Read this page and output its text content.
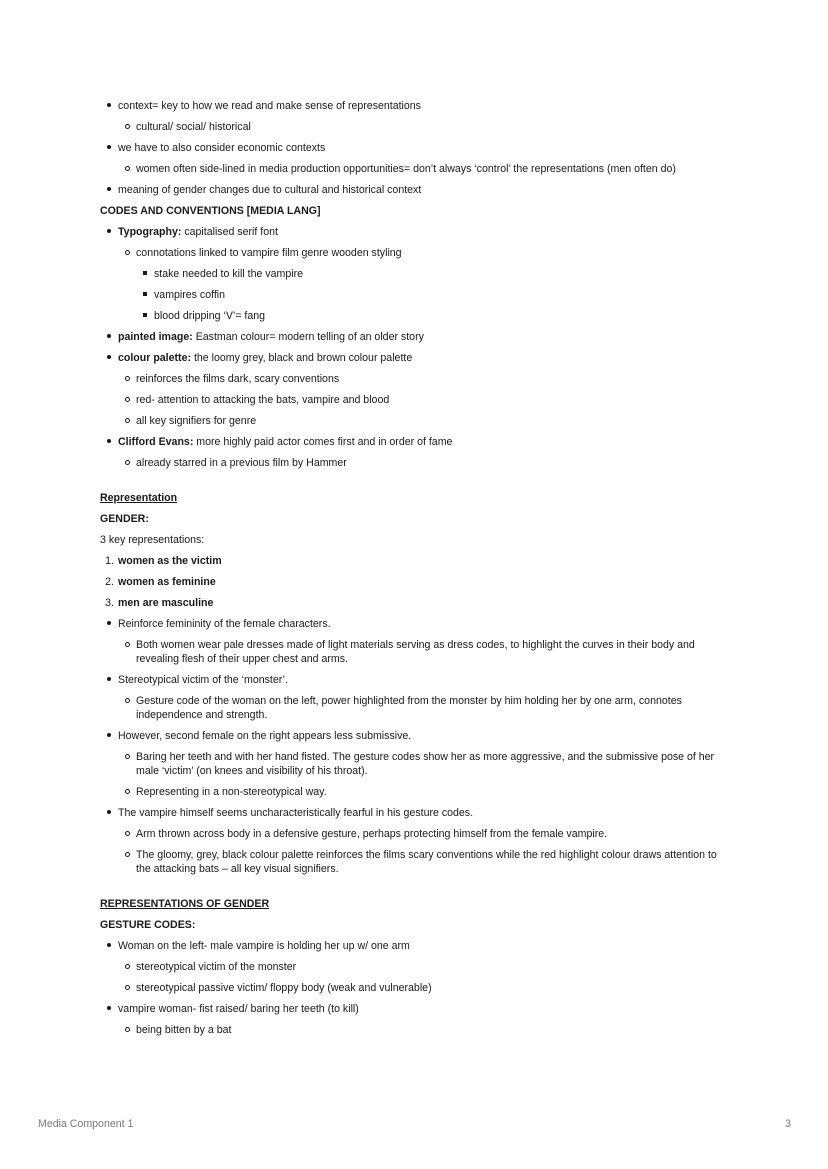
context= key to how we read and make sense of representations
cultural/ social/ historical
we have to also consider economic contexts
women often side-lined in media production opportunities= don’t always ‘control’ the representations (men often do)
meaning of gender changes due to cultural and historical context
CODES AND CONVENTIONS [MEDIA LANG]
Typography: capitalised serif font
connotations linked to vampire film genre wooden styling
stake needed to kill the vampire
vampires coffin
blood dripping ‘V’= fang
painted image: Eastman colour= modern telling of an older story
colour palette: the loomy grey, black and brown colour palette
reinforces the films dark, scary conventions
red- attention to attacking the bats, vampire and blood
all key signifiers for genre
Clifford Evans: more highly paid actor comes first and in order of fame
already starred in a previous film by Hammer
Representation
GENDER:
3 key representations:
1. women as the victim
2. women as feminine
3. men are masculine
Reinforce femininity of the female characters.
Both women wear pale dresses made of light materials serving as dress codes, to highlight the curves in their body and
revealing flesh of their upper chest and arms.
Stereotypical victim of the ‘monster’.
Gesture code of the woman on the left, power highlighted from the monster by him holding her by one arm, connotes
independence and strength.
However, second female on the right appears less submissive.
Baring her teeth and with her hand fisted. The gesture codes show her as more aggressive, and the submissive pose of her
male ‘victim’ (on knees and visibility of his throat).
Representing in a non-stereotypical way.
The vampire himself seems uncharacteristically fearful in his gesture codes.
Arm thrown across body in a defensive gesture, perhaps protecting himself from the female vampire.
The gloomy, grey, black colour palette reinforces the films scary conventions while the red highlight colour draws attention to
the attacking bats – all key visual signifiers.
REPRESENTATIONS OF GENDER
GESTURE CODES:
Woman on the left- male vampire is holding her up w/ one arm
stereotypical victim of the monster
stereotypical passive victim/ floppy body (weak and vulnerable)
vampire woman- fist raised/ baring her teeth (to kill)
being bitten by a bat
Media Component 1	3
